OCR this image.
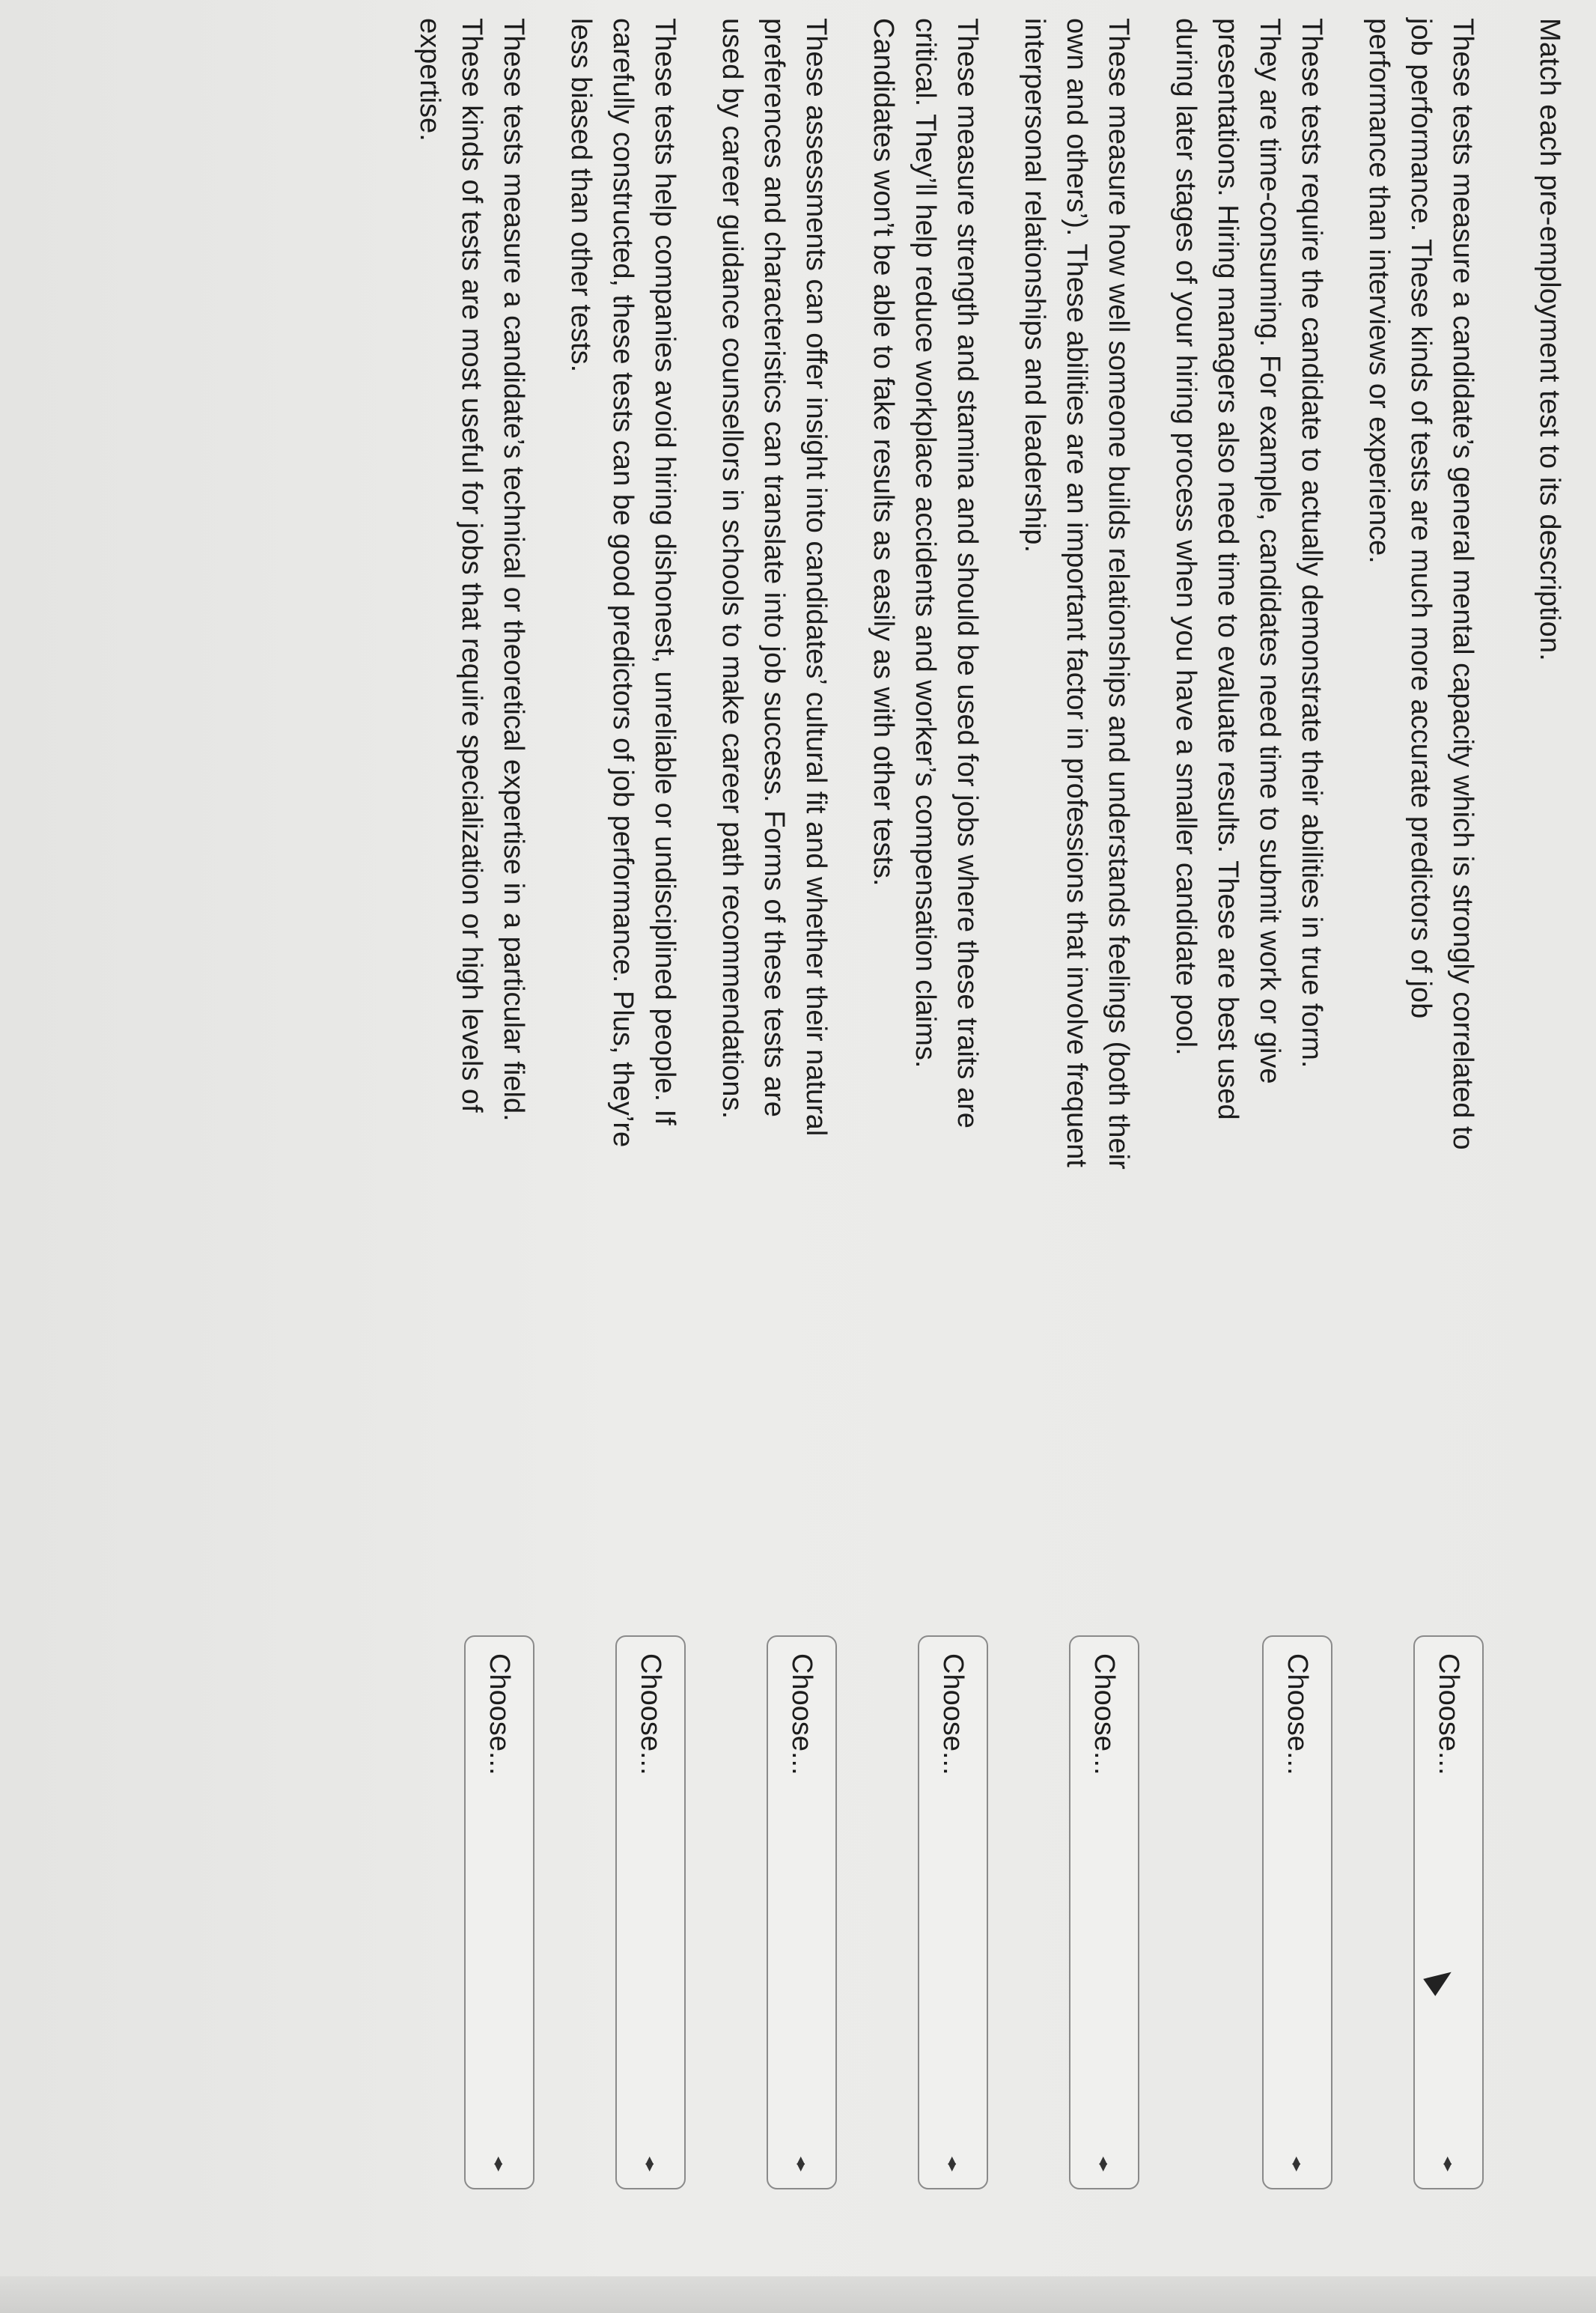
Match each pre-employment test to its description.
These tests measure a candidate’s general mental capacity which is strongly correlated to
job performance. These kinds of tests are much more accurate predictors of job
performance than interviews or experience.
Choose...
◂▸
These tests require the candidate to actually demonstrate their abilities in true form.
They are time-consuming. For example, candidates need time to submit work or give
presentations. Hiring managers also need time to evaluate results. These are best used
during later stages of your hiring process when you have a smaller candidate pool.
Choose...
◂▸
These measure how well someone builds relationships and understands feelings (both their
own and others’). These abilities are an important factor in professions that involve frequent
interpersonal relationships and leadership.
Choose...
◂▸
These measure strength and stamina and should be used for jobs where these traits are
critical. They’ll help reduce workplace accidents and worker’s compensation claims.
Candidates won’t be able to fake results as easily as with other tests.
Choose...
◂▸
These assessments can offer insight into candidates’ cultural fit and whether their natural
preferences and characteristics can translate into job success. Forms of these tests are
used by career guidance counsellors in schools to make career path recommendations.
Choose...
◂▸
These tests help companies avoid hiring dishonest, unreliable or undisciplined people. If
carefully constructed, these tests can be good predictors of job performance. Plus, they’re
less biased than other tests.
Choose...
◂▸
These tests measure a candidate’s technical or theoretical expertise in a particular field.
These kinds of tests are most useful for jobs that require specialization or high levels of
expertise.
Choose...
◂▸
